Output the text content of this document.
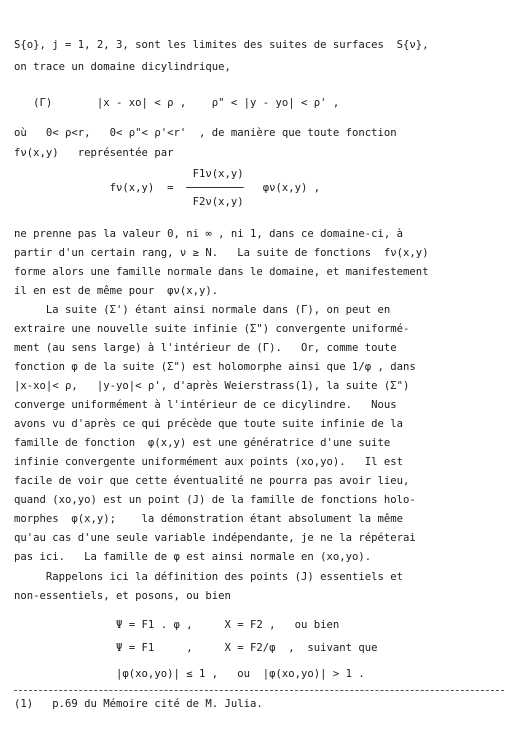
S{o}, j = 1, 2, 3, sont les limites des suites de surfaces  S{ν},
on trace un domaine dicylindrique,
(Γ)       |x - xo| < ρ ,    ρ" < |y - yo| < ρ' ,
où   0< ρ<r,   0< ρ"< ρ'<r'  , de manière que toute fonction
fν(x,y)   représentée par
F1ν(x,y)
fν(x,y)  =  ─────────   φν(x,y) ,
F2ν(x,y)
ne prenne pas la valeur 0, ni ∞ , ni 1, dans ce domaine-ci, à
partir d'un certain rang, ν ≥ N.   La suite de fonctions  fν(x,y)
forme alors une famille normale dans le domaine, et manifestement
il en est de même pour  φν(x,y).
La suite (Σ') étant ainsi normale dans (Γ), on peut en
extraire une nouvelle suite infinie (Σ") convergente uniformé-
ment (au sens large) à l'intérieur de (Γ).   Or, comme toute
fonction φ de la suite (Σ") est holomorphe ainsi que 1/φ , dans
|x-xo|< ρ,   |y-yo|< ρ', d'après Weierstrass(1), la suite (Σ")
converge uniformément à l'intérieur de ce dicylindre.   Nous
avons vu d'après ce qui précède que toute suite infinie de la
famille de fonction  φ(x,y) est une génératrice d'une suite
infinie convergente uniformément aux points (xo,yo).   Il est
facile de voir que cette éventualité ne pourra pas avoir lieu,
quand (xo,yo) est un point (J) de la famille de fonctions holo-
morphes  φ(x,y);    la démonstration étant absolument la même
qu'au cas d'une seule variable indépendante, je ne la répéterai
pas ici.   La famille de φ est ainsi normale en (xo,yo).
Rappelons ici la définition des points (J) essentiels et
non-essentiels, et posons, ou bien
Ψ = F1 . φ ,     X = F2 ,   ou bien
Ψ = F1     ,     X = F2/φ  ,  suivant que
|φ(xo,yo)| ≤ 1 ,   ou  |φ(xo,yo)| > 1 .
(1)   p.69 du Mémoire cité de M. Julia.
